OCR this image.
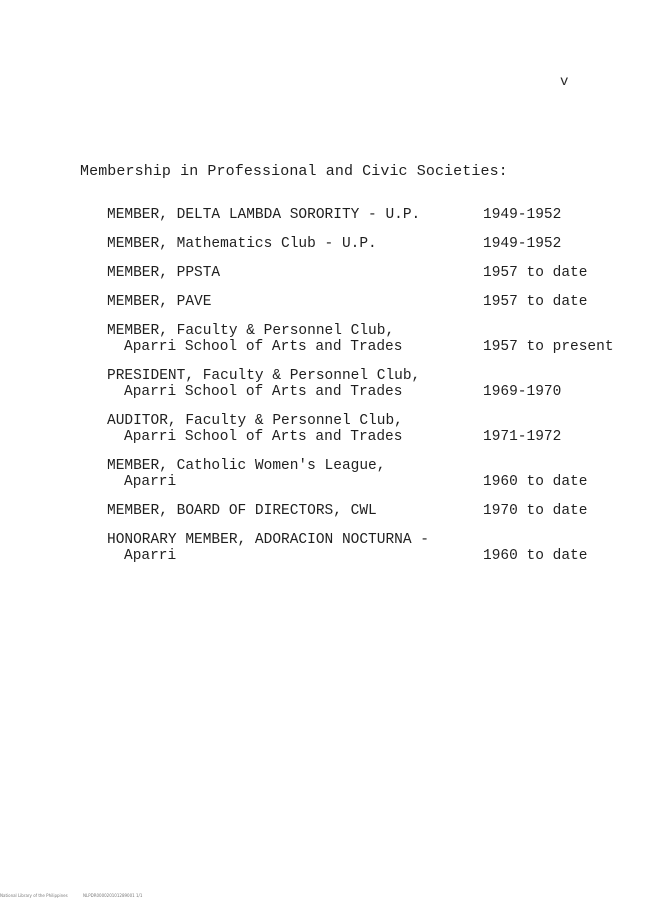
v
Membership in Professional and Civic Societies:
MEMBER, DELTA LAMBDA SORORITY - U.P.	1949-1952
MEMBER, Mathematics Club - U.P.	1949-1952
MEMBER, PPSTA	1957 to date
MEMBER, PAVE	1957 to date
MEMBER, Faculty & Personnel Club,
Aparri School of Arts and Trades	1957 to present
PRESIDENT, Faculty & Personnel Club,
Aparri School of Arts and Trades	1969-1970
AUDITOR, Faculty & Personnel Club,
Aparri School of Arts and Trades	1971-1972
MEMBER, Catholic Women's League,
Aparri	1960 to date
MEMBER, BOARD OF DIRECTORS, CWL	1970 to date
HONORARY MEMBER, ADORACION NOCTURNA -
Aparri	1960 to date
National Library of the Philippines	NLPDR000020101289001 1/1
